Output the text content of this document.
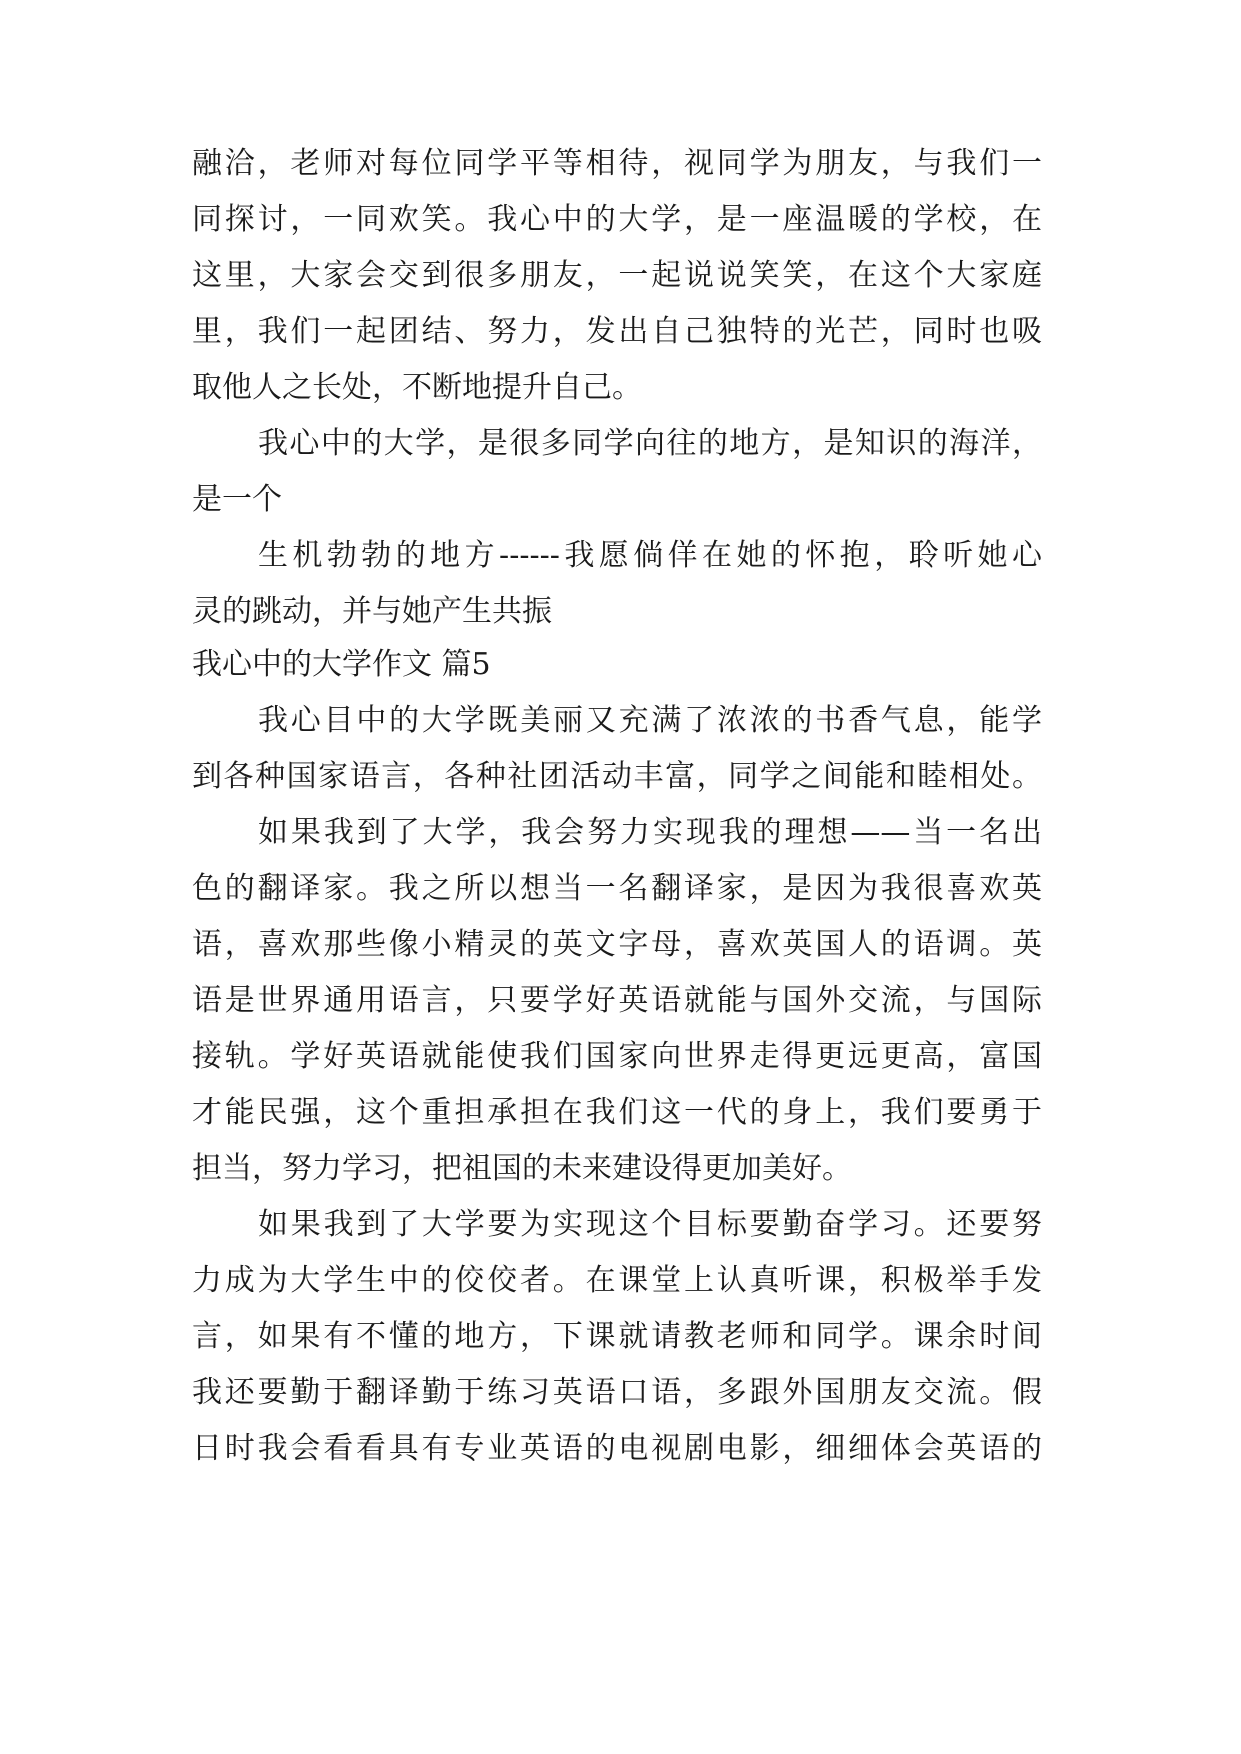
融洽，老师对每位同学平等相待，视同学为朋友，与我们一
同探讨，一同欢笑。我心中的大学，是一座温暖的学校，在
这里，大家会交到很多朋友，一起说说笑笑，在这个大家庭
里，我们一起团结、努力，发出自己独特的光芒，同时也吸
取他人之长处，不断地提升自己。
我心中的大学，是很多同学向往的地方，是知识的海洋，
是一个
生机勃勃的地方------我愿倘佯在她的怀抱，聆听她心
灵的跳动，并与她产生共振
我心中的大学作文 篇5
我心目中的大学既美丽又充满了浓浓的书香气息，能学
到各种国家语言，各种社团活动丰富，同学之间能和睦相处。
如果我到了大学，我会努力实现我的理想——当一名出
色的翻译家。我之所以想当一名翻译家，是因为我很喜欢英
语，喜欢那些像小精灵的英文字母，喜欢英国人的语调。英
语是世界通用语言，只要学好英语就能与国外交流，与国际
接轨。学好英语就能使我们国家向世界走得更远更高，富国
才能民强，这个重担承担在我们这一代的身上，我们要勇于
担当，努力学习，把祖国的未来建设得更加美好。
如果我到了大学要为实现这个目标要勤奋学习。还要努
力成为大学生中的佼佼者。在课堂上认真听课，积极举手发
言，如果有不懂的地方，下课就请教老师和同学。课余时间
我还要勤于翻译勤于练习英语口语，多跟外国朋友交流。假
日时我会看看具有专业英语的电视剧电影，细细体会英语的
